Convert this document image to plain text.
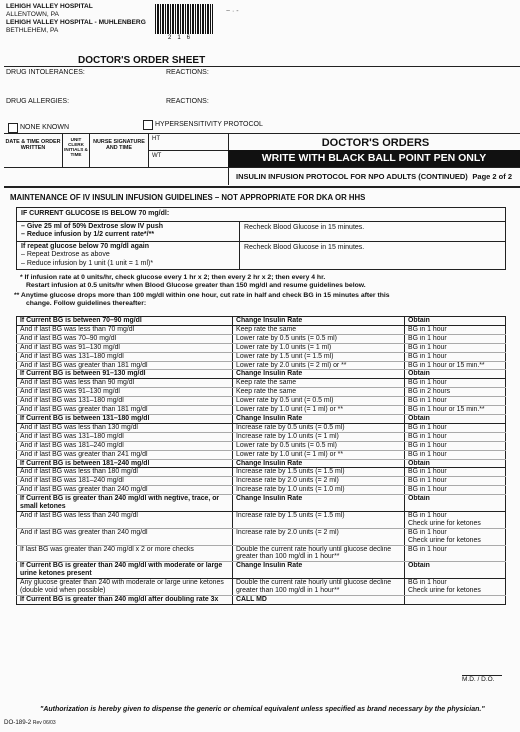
LEHIGH VALLEY HOSPITAL
ALLENTOWN, PA
LEHIGH VALLEY HOSPITAL - MUHLENBERG
BETHLEHEM, PA
216
~ · -
DOCTOR'S ORDER SHEET
DRUG INTOLERANCES:	REACTIONS:
DRUG ALLERGIES:	REACTIONS:
NONE KNOWN	HYPERSENSITIVITY PROTOCOL
DATE & TIME ORDER WRITTEN
UNIT CLERK INITIALS & TIME
NURSE SIGNATURE AND TIME
HT
WT
DOCTOR'S ORDERS
WRITE WITH BLACK BALL POINT PEN ONLY
INSULIN INFUSION PROTOCOL FOR NPO ADULTS (CONTINUED) Page 2 of 2
MAINTENANCE OF IV INSULIN INFUSION GUIDELINES – NOT APPROPRIATE FOR DKA OR HHS
IF CURRENT GLUCOSE IS BELOW 70 mg/dl:
– Give 25 ml of 50% Dextrose slow IV push
– Reduce infusion by 1/2 current rate*/**
Recheck Blood Glucose in 15 minutes.
If repeat glucose below 70 mg/dl again
– Repeat Dextrose as above
– Reduce infusion by 1 unit (1 unit = 1 ml)*
Recheck Blood Glucose in 15 minutes.
* If infusion rate at 0 units/hr, check glucose every 1 hr x 2; then every 2 hr x 2; then every 4 hr.
Restart infusion at 0.5 units/hr when Blood Glucose greater than 150 mg/dl and resume guidelines below.
** Anytime glucose drops more than 100 mg/dl within one hour, cut rate in half and check BG in 15 minutes after this
change. Follow guidelines thereafter:
If Current BG is between 70–90 mg/dl	Change Insulin Rate	Obtain

And if last BG was less than 70 mg/dl	Keep rate the same	BG in 1 hour

And if last BG was 70–90 mg/dl	Lower rate by 0.5 units (= 0.5 ml)	BG in 1 hour

And if last BG was 91–130 mg/dl	Lower rate by 1.0 units (= 1 ml)	BG in 1 hour

And if last BG was 131–180 mg/dl	Lower rate by 1.5 unit (= 1.5 ml)	BG in 1 hour

And if last BG was greater than 181 mg/dl	Lower rate by 2.0 units (= 2 ml) or **	BG in 1 hour or 15 min.**

If Current BG is between 91–130 mg/dl	Change Insulin Rate	Obtain

And if last BG was less than 90 mg/dl	Keep rate the same	BG in 1 hour

And if last BG was 91–130 mg/dl	Keep rate the same	BG in 2 hours

And if last BG was 131–180 mg/dl	Lower rate by 0.5 unit (= 0.5 ml)	BG in 1 hour

And if last BG was greater than 181 mg/dl	Lower rate by 1.0 unit (= 1 ml) or **	BG in 1 hour or 15 min.**

If Current BG is between 131–180 mg/dl	Change Insulin Rate	Obtain

And if last BG was less than 130 mg/dl	Increase rate by 0.5 units (= 0.5 ml)	BG in 1 hour

And if last BG was 131–180 mg/dl	Increase rate by 1.0 units (= 1 ml)	BG in 1 hour

And if last BG was 181–240 mg/dl	Lower rate by 0.5 units (= 0.5 ml)	BG in 1 hour

And if last BG was greater than 241 mg/dl	Lower rate by 1.0 unit (= 1 ml) or **	BG in 1 hour

If Current BG is between 181–240 mg/dl	Change Insulin Rate	Obtain

And if last BG was less than 180 mg/dl	Increase rate by 1.5 units (= 1.5 ml)	BG in 1 hour

And if last BG was 181–240 mg/dl	Increase rate by 2.0 units (= 2 ml)	BG in 1 hour

And if last BG was greater than 240 mg/dl	Increase rate by 1.0 units (= 1.0 ml)	BG in 1 hour

If Current BG is greater than 240 mg/dl with negtive, trace, or small ketones	Change Insulin Rate	Obtain

And if last BG was less than 240 mg/dl	Increase rate by 1.5 units (= 1.5 ml)	BG in 1 hour
Check urine for ketones

And if last BG was greater than 240 mg/dl	Increase rate by 2.0 units (= 2 ml)	BG in 1 hour
Check urine for ketones

If last BG was greater than 240 mg/dl x 2 or more checks	Double the current rate hourly until glucose decline greater than 100 mg/dl in 1 hour**	BG in 1 hour

If Current BG is greater than 240 mg/dl with moderate or large urine ketones present	Change Insulin Rate	Obtain

Any glucose greater than 240 with moderate or large urine ketones (double void when possible)	Double the current rate hourly until glucose decline greater than 100 mg/dl in 1 hour**	BG in 1 hour
Check urine for ketones

If Current BG is greater than 240 mg/dl after doubling rate 3x	CALL MD	

M.D. / D.O.
"Authorization is hereby given to dispense the generic or chemical equivalent unless specified as brand necessary by the physician."
DO-189-2 Rev 06/03
